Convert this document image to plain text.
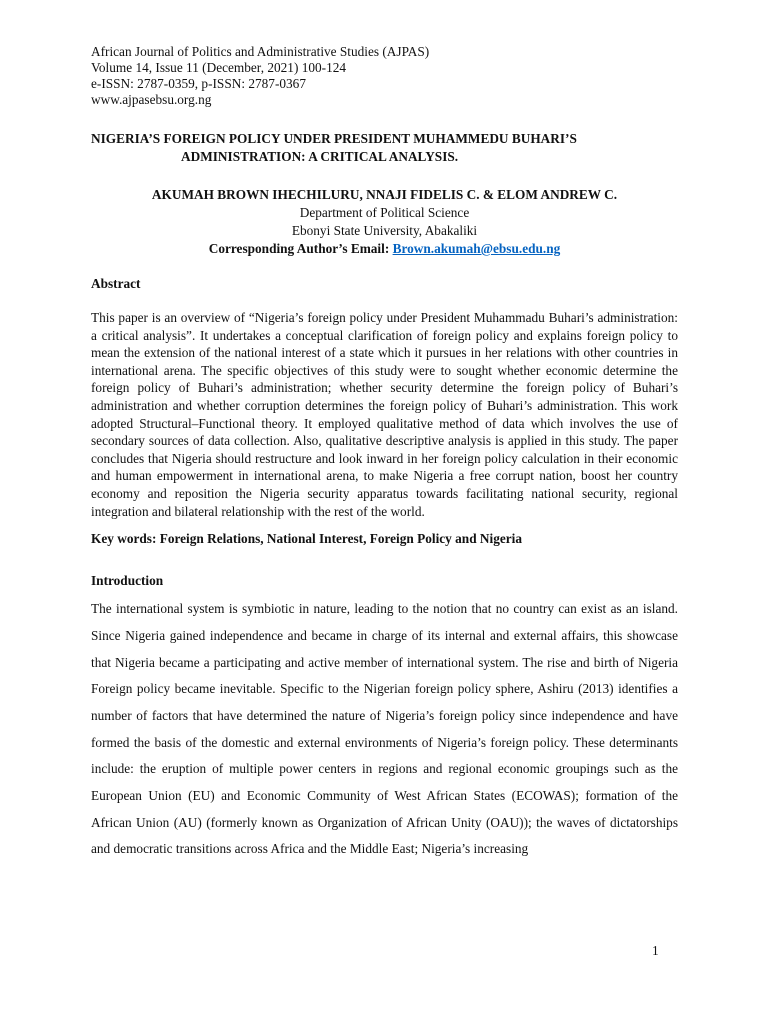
African Journal of Politics and Administrative Studies (AJPAS)

Volume 14, Issue 11 (December, 2021) 100-124

e-ISSN: 2787-0359, p-ISSN: 2787-0367

www.ajpasebsu.org.ng

NIGERIA’S FOREIGN POLICY UNDER PRESIDENT MUHAMMEDU BUHARI’S
ADMINISTRATION: A CRITICAL ANALYSIS.

AKUMAH BROWN IHECHILURU, NNAJI FIDELIS C. & ELOM ANDREW C.

Department of Political Science

Ebonyi State University, Abakaliki

Corresponding Author’s Email: Brown.akumah@ebsu.edu.ng

Abstract

This paper is an overview of “Nigeria’s foreign policy under President Muhammadu Buhari’s administration: a critical analysis”. It undertakes a conceptual clarification of foreign policy and explains foreign policy to mean the extension of the national interest of a state which it pursues in her relations with other countries in international arena. The specific objectives of this study were to sought whether economic determine the foreign policy of Buhari’s administration; whether security determine the foreign policy of Buhari’s administration and whether corruption determines the foreign policy of Buhari’s administration. This work adopted Structural–Functional theory. It employed qualitative method of data which involves the use of secondary sources of data collection. Also, qualitative descriptive analysis is applied in this study. The paper concludes that Nigeria should restructure and look inward in her foreign policy calculation in their economic and human empowerment in international arena, to make Nigeria a free corrupt nation, boost her country economy and reposition the Nigeria security apparatus towards facilitating national security, regional integration and bilateral relationship with the rest of the world.

Key words: Foreign Relations, National Interest, Foreign Policy and Nigeria

Introduction

The international system is symbiotic in nature, leading to the notion that no country can exist as an island. Since Nigeria gained independence and became in charge of its internal and external affairs, this showcase that Nigeria became a participating and active member of international system. The rise and birth of Nigeria Foreign policy became inevitable. Specific to the Nigerian foreign policy sphere, Ashiru (2013) identifies a number of factors that have determined the nature of Nigeria’s foreign policy since independence and have formed the basis of the domestic and external environments of Nigeria’s foreign policy. These determinants include: the eruption of multiple power centers in regions and regional economic groupings such as the European Union (EU) and Economic Community of West African States (ECOWAS); formation of the African Union (AU) (formerly known as Organization of African Unity (OAU)); the waves of dictatorships and democratic transitions across Africa and the Middle East; Nigeria’s increasing

1
